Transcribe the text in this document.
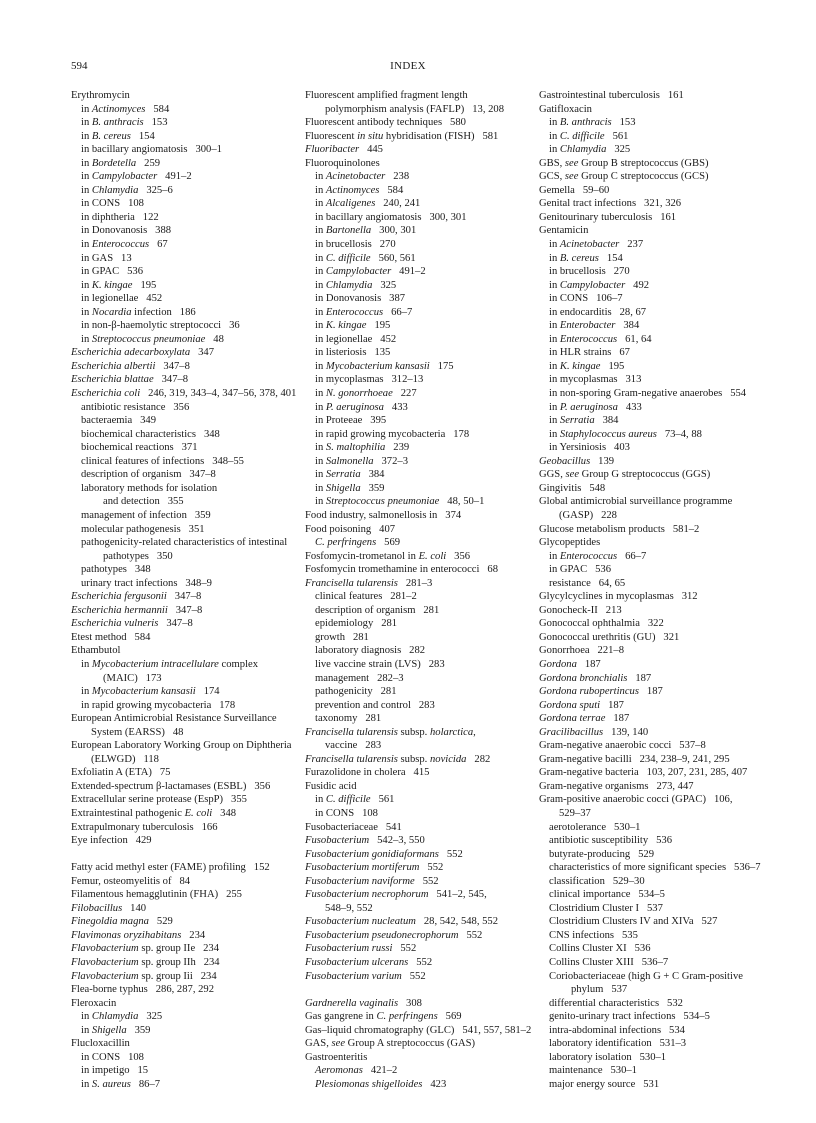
594	INDEX
Erythromycin
in Actinomyces   584
in B. anthracis   153
in B. cereus   154
in bacillary angiomatosis   300–1
in Bordetella   259
in Campylobacter   491–2
in Chlamydia   325–6
in CONS   108
in diphtheria   122
in Donovanosis   388
in Enterococcus   67
in GAS   13
in GPAC   536
in K. kingae   195
in legionellae   452
in Nocardia infection   186
in non-β-haemolytic streptococci   36
in Streptococcus pneumoniae   48
Escherichia adecarboxylata   347
Escherichia albertii   347–8
Escherichia blattae   347–8
Escherichia coli   246, 319, 343–4, 347–56, 378, 401
antibiotic resistance   356
bacteraemia   349
biochemical characteristics   348
biochemical reactions   371
clinical features of infections   348–55
description of organism   347–8
laboratory methods for isolation
and detection   355
management of infection   359
molecular pathogenesis   351
pathogenicity-related characteristics of intestinal
pathotypes   350
pathotypes   348
urinary tract infections   348–9
Escherichia fergusonii   347–8
Escherichia hermannii   347–8
Escherichia vulneris   347–8
Etest method   584
Ethambutol
in Mycobacterium intracellulare complex
(MAIC)   173
in Mycobacterium kansasii   174
in rapid growing mycobacteria   178
European Antimicrobial Resistance Surveillance
System (EARSS)   48
European Laboratory Working Group on Diphtheria
(ELWGD)   118
Exfoliatin A (ETA)   75
Extended-spectrum β-lactamases (ESBL)   356
Extracellular serine protease (EspP)   355
Extraintestinal pathogenic E. coli   348
Extrapulmonary tuberculosis   166
Eye infection   429
Fatty acid methyl ester (FAME) profiling   152
Femur, osteomyelitis of   84
Filamentous hemagglutinin (FHA)   255
Filobacillus   140
Finegoldia magna   529
Flavimonas oryzihabitans   234
Flavobacterium sp. group IIe   234
Flavobacterium sp. group IIh   234
Flavobacterium sp. group Iii   234
Flea-borne typhus   286, 287, 292
Fleroxacin
in Chlamydia   325
in Shigella   359
Flucloxacillin
in CONS   108
in impetigo   15
in S. aureus   86–7
Fluorescent amplified fragment length
polymorphism analysis (FAFLP)   13, 208
Fluorescent antibody techniques   580
Fluorescent in situ hybridisation (FISH)   581
Fluoribacter   445
Fluoroquinolones
in Acinetobacter   238
in Actinomyces   584
in Alcaligenes   240, 241
in bacillary angiomatosis   300, 301
in Bartonella   300, 301
in brucellosis   270
in C. difficile   560, 561
in Campylobacter   491–2
in Chlamydia   325
in Donovanosis   387
in Enterococcus   66–7
in K. kingae   195
in legionellae   452
in listeriosis   135
in Mycobacterium kansasii   175
in mycoplasmas   312–13
in N. gonorrhoeae   227
in P. aeruginosa   433
in Proteeae   395
in rapid growing mycobacteria   178
in S. maltophilia   239
in Salmonella   372–3
in Serratia   384
in Shigella   359
in Streptococcus pneumoniae   48, 50–1
Food industry, salmonellosis in   374
Food poisoning   407
C. perfringens   569
Fosfomycin-trometanol in E. coli   356
Fosfomycin tromethamine in enterococci   68
Francisella tularensis   281–3
clinical features   281–2
description of organism   281
epidemiology   281
growth   281
laboratory diagnosis   282
live vaccine strain (LVS)   283
management   282–3
pathogenicity   281
prevention and control   283
taxonomy   281
Francisella tularensis subsp. holarctica,
vaccine   283
Francisella tularensis subsp. novicida   282
Furazolidone in cholera   415
Fusidic acid
in C. difficile   561
in CONS   108
Fusobacteriaceae   541
Fusobacterium   542–3, 550
Fusobacterium gonidiaformans   552
Fusobacterium mortiferum   552
Fusobacterium naviforme   552
Fusobacterium necrophorum   541–2, 545,
548–9, 552
Fusobacterium nucleatum   28, 542, 548, 552
Fusobacterium pseudonecrophorum   552
Fusobacterium russi   552
Fusobacterium ulcerans   552
Fusobacterium varium   552
Gardnerella vaginalis   308
Gas gangrene in C. perfringens   569
Gas–liquid chromatography (GLC)   541, 557, 581–2
GAS, see Group A streptococcus (GAS)
Gastroenteritis
Aeromonas   421–2
Plesiomonas shigelloides   423
Gastrointestinal tuberculosis   161
Gatifloxacin
in B. anthracis   153
in C. difficile   561
in Chlamydia   325
GBS, see Group B streptococcus (GBS)
GCS, see Group C streptococcus (GCS)
Gemella   59–60
Genital tract infections   321, 326
Genitourinary tuberculosis   161
Gentamicin
in Acinetobacter   237
in B. cereus   154
in brucellosis   270
in Campylobacter   492
in CONS   106–7
in endocarditis   28, 67
in Enterobacter   384
in Enterococcus   61, 64
in HLR strains   67
in K. kingae   195
in mycoplasmas   313
in non-sporing Gram-negative anaerobes   554
in P. aeruginosa   433
in Serratia   384
in Staphylococcus aureus   73–4, 88
in Yersiniosis   403
Geobacillus   139
GGS, see Group G streptococcus (GGS)
Gingivitis   548
Global antimicrobial surveillance programme
(GASP)   228
Glucose metabolism products   581–2
Glycopeptides
in Enterococcus   66–7
in GPAC   536
resistance   64, 65
Glycylcyclines in mycoplasmas   312
Gonocheck-II   213
Gonococcal ophthalmia   322
Gonococcal urethritis (GU)   321
Gonorrhoea   221–8
Gordona   187
Gordona bronchialis   187
Gordona rubopertincus   187
Gordona sputi   187
Gordona terrae   187
Gracilibacillus   139, 140
Gram-negative anaerobic cocci   537–8
Gram-negative bacilli   234, 238–9, 241, 295
Gram-negative bacteria   103, 207, 231, 285, 407
Gram-negative organisms   273, 447
Gram-positive anaerobic cocci (GPAC)   106,
529–37
aerotolerance   530–1
antibiotic susceptibility   536
butyrate-producing   529
characteristics of more significant species   536–7
classification   529–30
clinical importance   534–5
Clostridium Cluster I   537
Clostridium Clusters IV and XIVa   527
CNS infections   535
Collins Cluster XI   536
Collins Cluster XIII   536–7
Coriobacteriaceae (high G + C Gram-positive
phylum   537
differential characteristics   532
genito-urinary tract infections   534–5
intra-abdominal infections   534
laboratory identification   531–3
laboratory isolation   530–1
maintenance   530–1
major energy source   531
